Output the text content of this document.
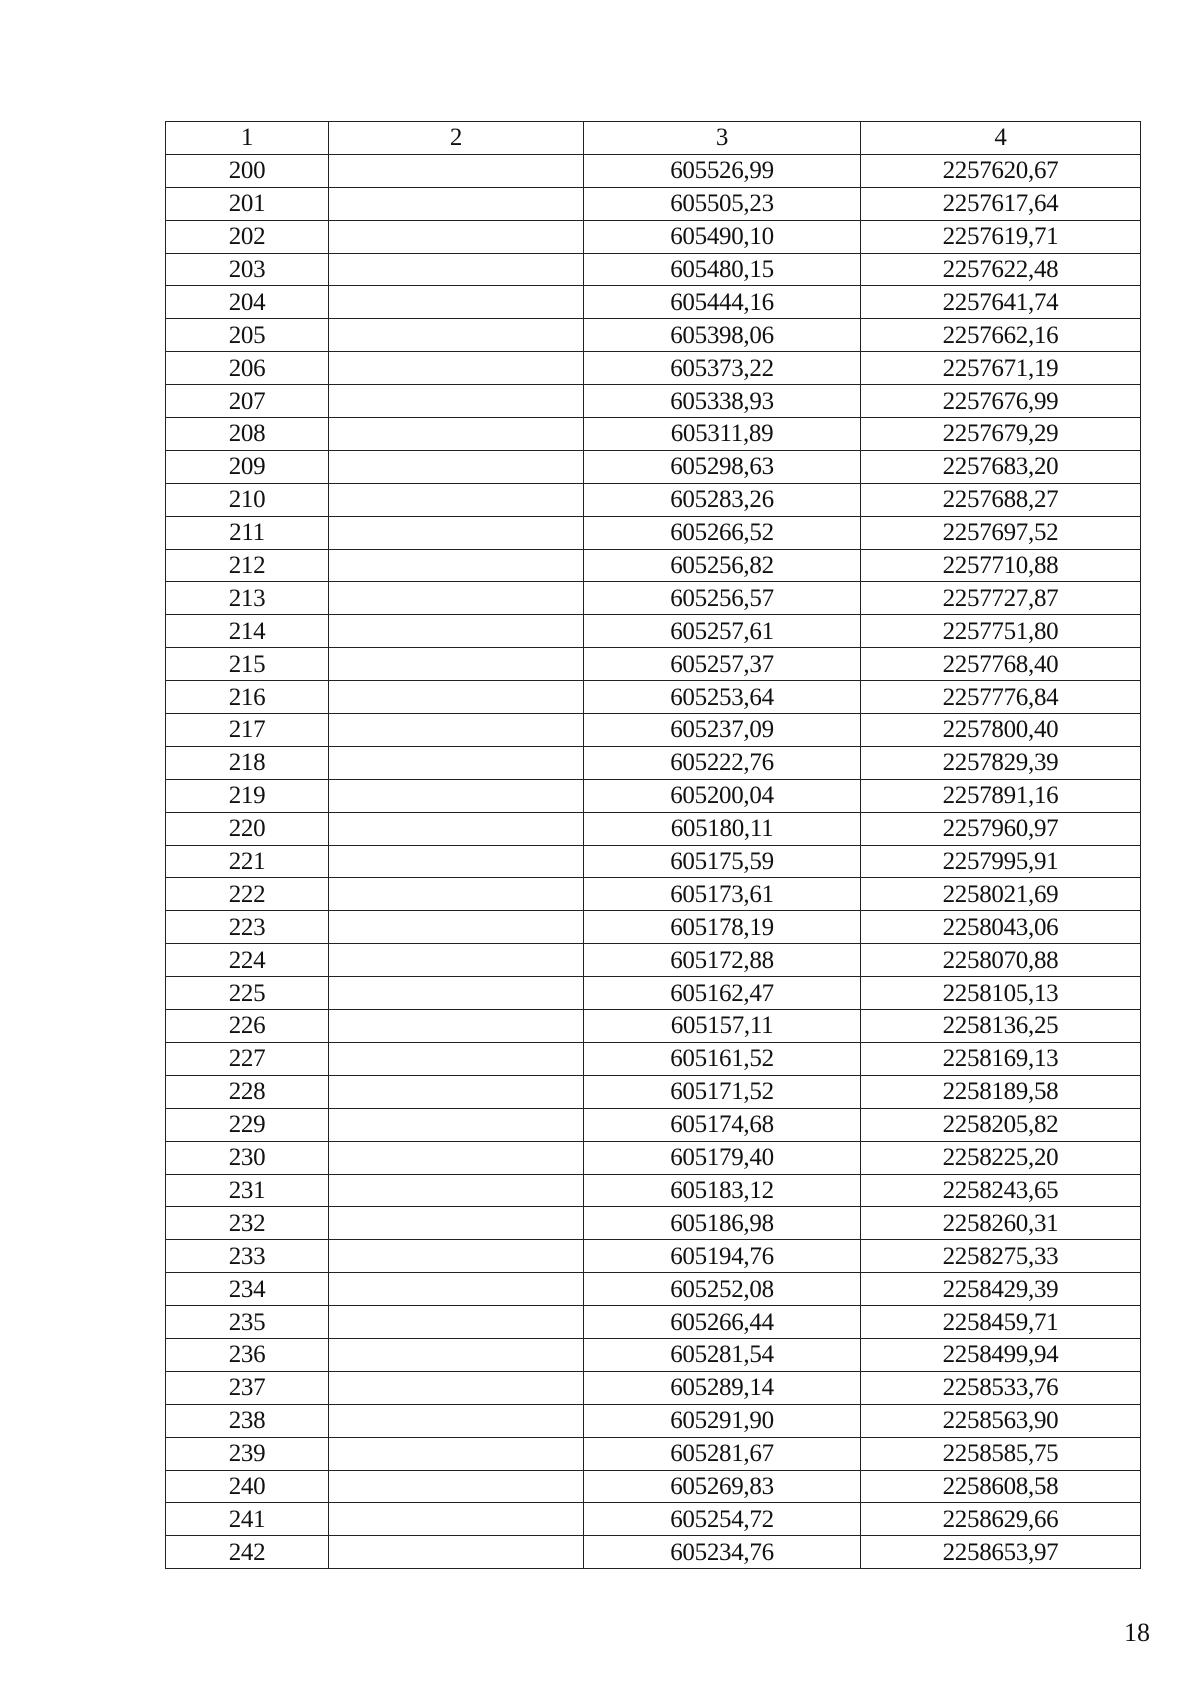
1	2	3	4
200		605526,99	2257620,67
201		605505,23	2257617,64
202		605490,10	2257619,71
203		605480,15	2257622,48
204		605444,16	2257641,74
205		605398,06	2257662,16
206		605373,22	2257671,19
207		605338,93	2257676,99
208		605311,89	2257679,29
209		605298,63	2257683,20
210		605283,26	2257688,27
211		605266,52	2257697,52
212		605256,82	2257710,88
213		605256,57	2257727,87
214		605257,61	2257751,80
215		605257,37	2257768,40
216		605253,64	2257776,84
217		605237,09	2257800,40
218		605222,76	2257829,39
219		605200,04	2257891,16
220		605180,11	2257960,97
221		605175,59	2257995,91
222		605173,61	2258021,69
223		605178,19	2258043,06
224		605172,88	2258070,88
225		605162,47	2258105,13
226		605157,11	2258136,25
227		605161,52	2258169,13
228		605171,52	2258189,58
229		605174,68	2258205,82
230		605179,40	2258225,20
231		605183,12	2258243,65
232		605186,98	2258260,31
233		605194,76	2258275,33
234		605252,08	2258429,39
235		605266,44	2258459,71
236		605281,54	2258499,94
237		605289,14	2258533,76
238		605291,90	2258563,90
239		605281,67	2258585,75
240		605269,83	2258608,58
241		605254,72	2258629,66
242		605234,76	2258653,97
18
